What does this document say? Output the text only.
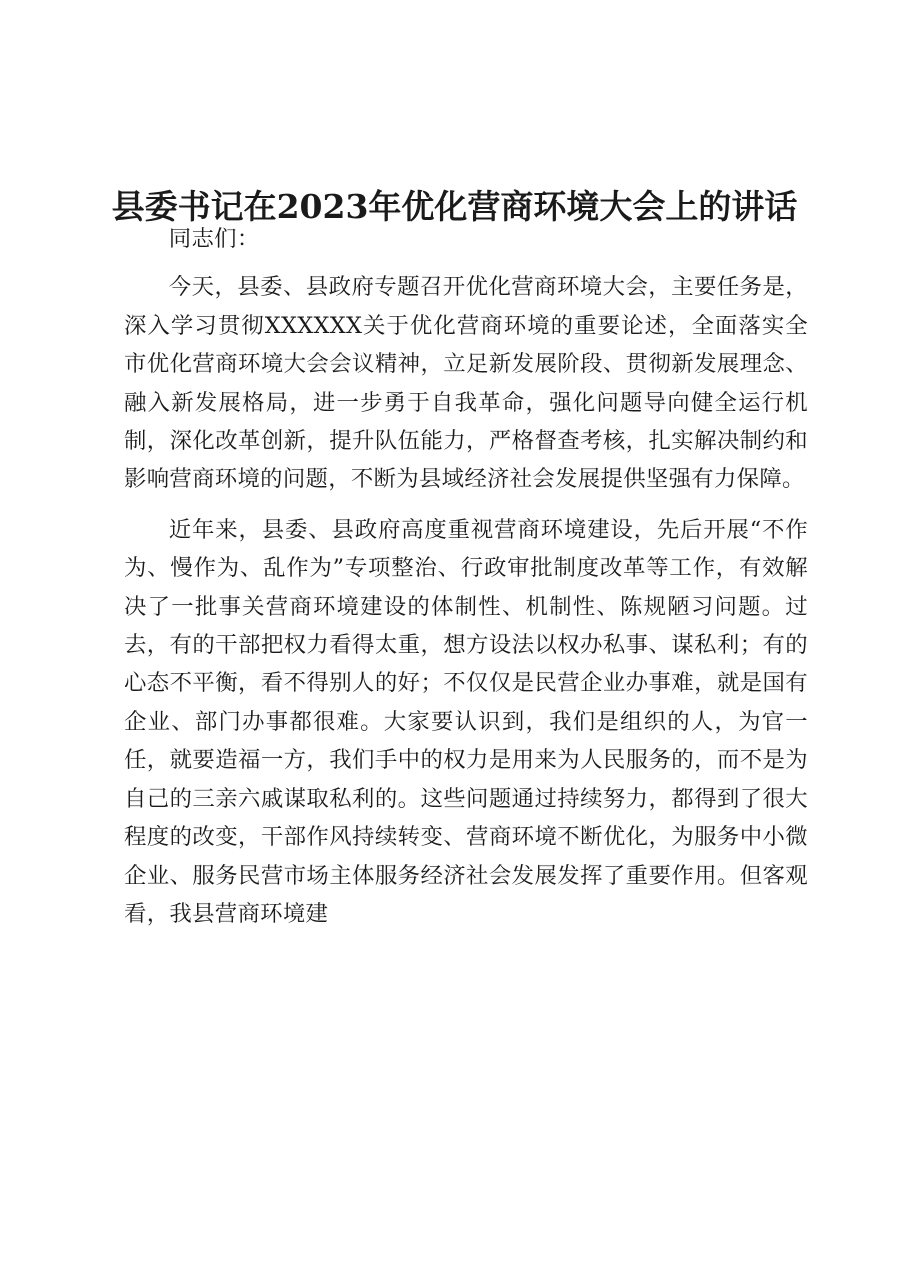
县委书记在2023年优化营商环境大会上的讲话

同志们：

今天，县委、县政府专题召开优化营商环境大会，主要任务是，深入学习贯彻XXXXXX关于优化营商环境的重要论述，全面落实全市优化营商环境大会会议精神，立足新发展阶段、贯彻新发展理念、融入新发展格局，进一步勇于自我革命，强化问题导向健全运行机制，深化改革创新，提升队伍能力，严格督查考核，扎实解决制约和影响营商环境的问题，不断为县域经济社会发展提供坚强有力保障。

近年来，县委、县政府高度重视营商环境建设，先后开展“不作为、慢作为、乱作为”专项整治、行政审批制度改革等工作，有效解决了一批事关营商环境建设的体制性、机制性、陈规陋习问题。过去，有的干部把权力看得太重，想方设法以权办私事、谋私利；有的心态不平衡，看不得别人的好；不仅仅是民营企业办事难，就是国有企业、部门办事都很难。大家要认识到，我们是组织的人，为官一任，就要造福一方，我们手中的权力是用来为人民服务的，而不是为自己的三亲六戚谋取私利的。这些问题通过持续努力，都得到了很大程度的改变，干部作风持续转变、营商环境不断优化，为服务中小微企业、服务民营市场主体服务经济社会发展发挥了重要作用。但客观看，我县营商环境建
